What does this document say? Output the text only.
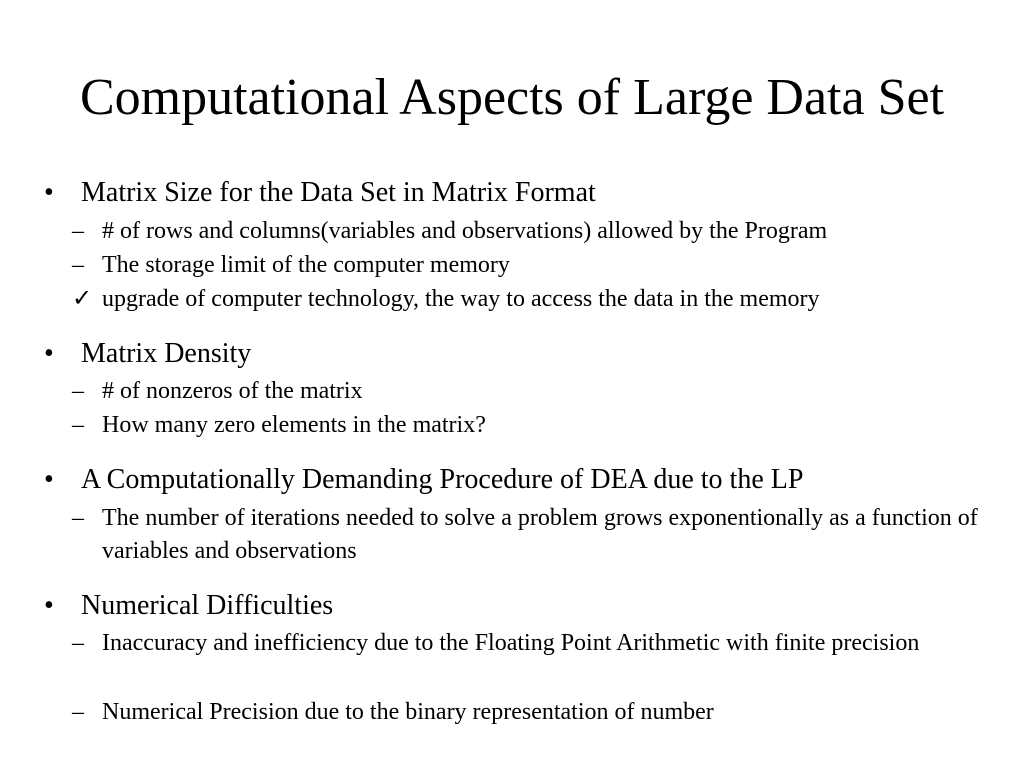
Computational Aspects of Large Data Set
• Matrix Size for the Data Set in Matrix Format
– # of rows and columns(variables and observations) allowed by the Program
– The storage limit of the computer memory
✓ upgrade of computer technology, the way to access the data in the memory
• Matrix Density
– # of nonzeros of the matrix
– How many zero elements in the matrix?
• A Computationally Demanding Procedure of DEA due to the LP
– The number of iterations needed to solve a problem grows exponentionally as a function of variables and observations
• Numerical Difficulties
– Inaccuracy and inefficiency due to the Floating Point Arithmetic with finite precision
– Numerical Precision due to the binary representation of number
